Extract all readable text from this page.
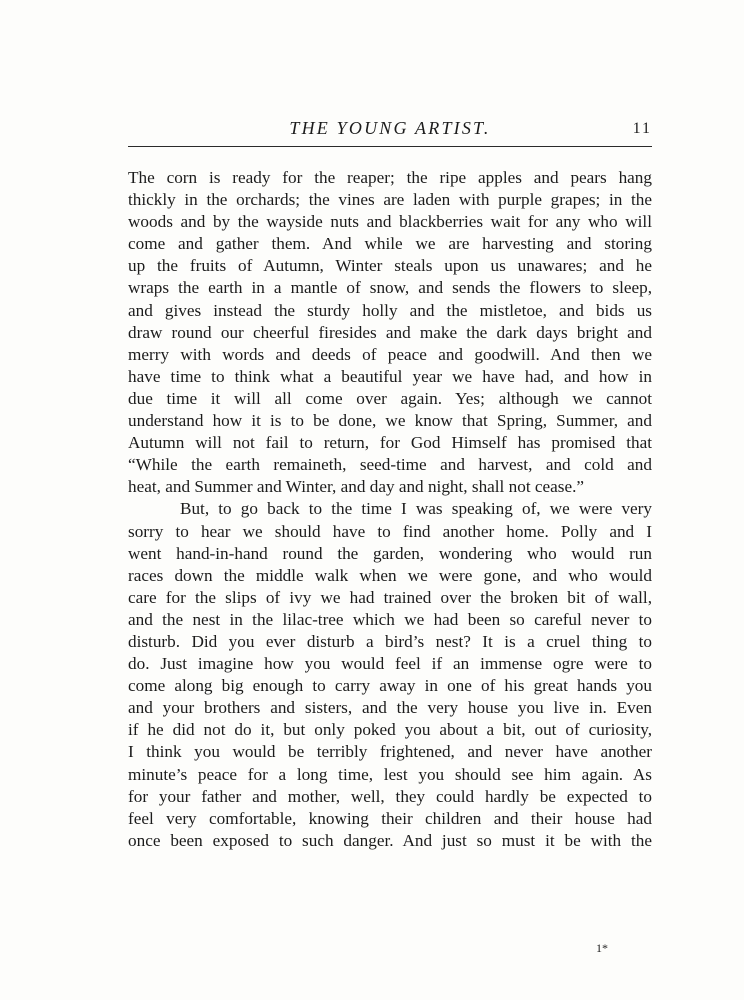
THE YOUNG ARTIST.	11
The corn is ready for the reaper; the ripe apples and pears hang
thickly in the orchards; the vines are laden with purple grapes; in the
woods and by the wayside nuts and blackberries wait for any who will
come and gather them. And while we are harvesting and storing
up the fruits of Autumn, Winter steals upon us unawares; and he
wraps the earth in a mantle of snow, and sends the flowers to sleep,
and gives instead the sturdy holly and the mistletoe, and bids us
draw round our cheerful firesides and make the dark days bright and
merry with words and deeds of peace and goodwill. And then we
have time to think what a beautiful year we have had, and how in
due time it will all come over again. Yes; although we cannot
understand how it is to be done, we know that Spring, Summer, and
Autumn will not fail to return, for God Himself has promised that
“While the earth remaineth, seed-time and harvest, and cold and
heat, and Summer and Winter, and day and night, shall not cease.”
But, to go back to the time I was speaking of, we were very
sorry to hear we should have to find another home. Polly and I
went hand-in-hand round the garden, wondering who would run
races down the middle walk when we were gone, and who would
care for the slips of ivy we had trained over the broken bit of wall,
and the nest in the lilac-tree which we had been so careful never to
disturb. Did you ever disturb a bird’s nest? It is a cruel thing to
do. Just imagine how you would feel if an immense ogre were to
come along big enough to carry away in one of his great hands you
and your brothers and sisters, and the very house you live in. Even
if he did not do it, but only poked you about a bit, out of curiosity,
I think you would be terribly frightened, and never have another
minute’s peace for a long time, lest you should see him again. As
for your father and mother, well, they could hardly be expected to
feel very comfortable, knowing their children and their house had
once been exposed to such danger. And just so must it be with the
1*
